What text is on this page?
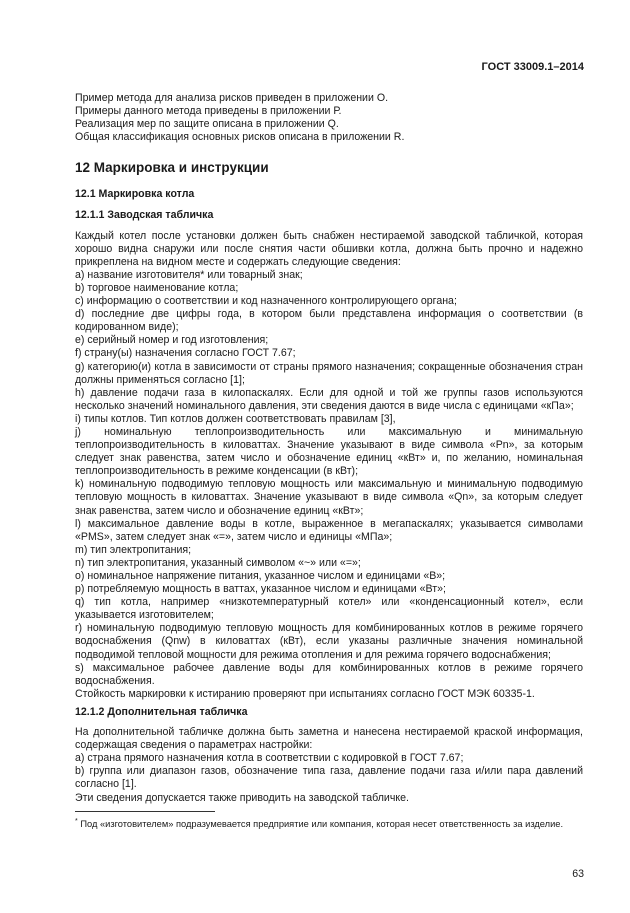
ГОСТ 33009.1–2014

Пример метода для анализа рисков приведен в приложении О.

Примеры данного метода приведены в приложении Р.

Реализация мер по защите описана в приложении Q.

Общая классификация основных рисков описана в приложении R.

12 Маркировка и инструкции
12.1 Маркировка котла
12.1.1 Заводская табличка

Каждый котел после установки должен быть снабжен нестираемой заводской табличкой, которая хорошо видна снаружи или после снятия части обшивки котла, должна быть прочно и надежно прикреплена на видном месте и содержать следующие сведения:

a) название изготовителя* или товарный знак;

b) торговое наименование котла;

c) информацию о соответствии и код назначенного контролирующего органа;

d) последние две цифры года, в котором были представлена информация о соответствии (в кодированном виде);

e) серийный номер и год изготовления;

f) страну(ы) назначения согласно ГОСТ 7.67;

g) категорию(и) котла в зависимости от страны прямого назначения; сокращенные обозначения стран должны применяться согласно [1];

h) давление подачи газа в килопаскалях. Если для одной и той же группы газов используются несколько значений номинального давления, эти сведения даются в виде числа с единицами «кПа»;

i) типы котлов. Тип котлов должен соответствовать правилам [3],

j) номинальную теплопроизводительность или максимальную и минимальную теплопроизводительность в киловаттах. Значение указывают в виде символа «Pn», за которым следует знак равенства, затем число и обозначение единиц «кВт» и, по желанию, номинальная теплопроизводительность в режиме конденсации (в кВт);

k) номинальную подводимую тепловую мощность или максимальную и минимальную подводимую тепловую мощность в киловаттах. Значение указывают в виде символа «Qn», за которым следует знак равенства, затем число и обозначение единиц «кВт»;

l) максимальное давление воды в котле, выраженное в мегапаскалях; указывается символами «PMS», затем следует знак «=», затем число и единицы «МПа»;

m) тип электропитания;

n) тип электропитания, указанный символом «~» или «=»;

o) номинальное напряжение питания, указанное числом и единицами «В»;

p) потребляемую мощность в ваттах, указанное числом и единицами «Вт»;

q) тип котла, например «низкотемпературный котел» или «конденсационный котел», если указывается изготовителем;

r) номинальную подводимую тепловую мощность для комбинированных котлов в режиме горячего водоснабжения (Qnw) в киловаттах (кВт), если указаны различные значения номинальной подводимой тепловой мощности для режима отопления и для режима горячего водоснабжения;

s) максимальное рабочее давление воды для комбинированных котлов в режиме горячего водоснабжения.

Стойкость маркировки к истиранию проверяют при испытаниях согласно ГОСТ МЭК 60335-1.

12.1.2 Дополнительная табличка

На дополнительной табличке должна быть заметна и нанесена нестираемой краской информация, содержащая сведения о параметрах настройки:

a) страна прямого назначения котла в соответствии с кодировкой в ГОСТ 7.67;

b) группа или диапазон газов, обозначение типа газа, давление подачи газа и/или пара давлений согласно [1].

Эти сведения допускается также приводить на заводской табличке.

* Под «изготовителем» подразумевается предприятие или компания, которая несет ответственность за изделие.

63
